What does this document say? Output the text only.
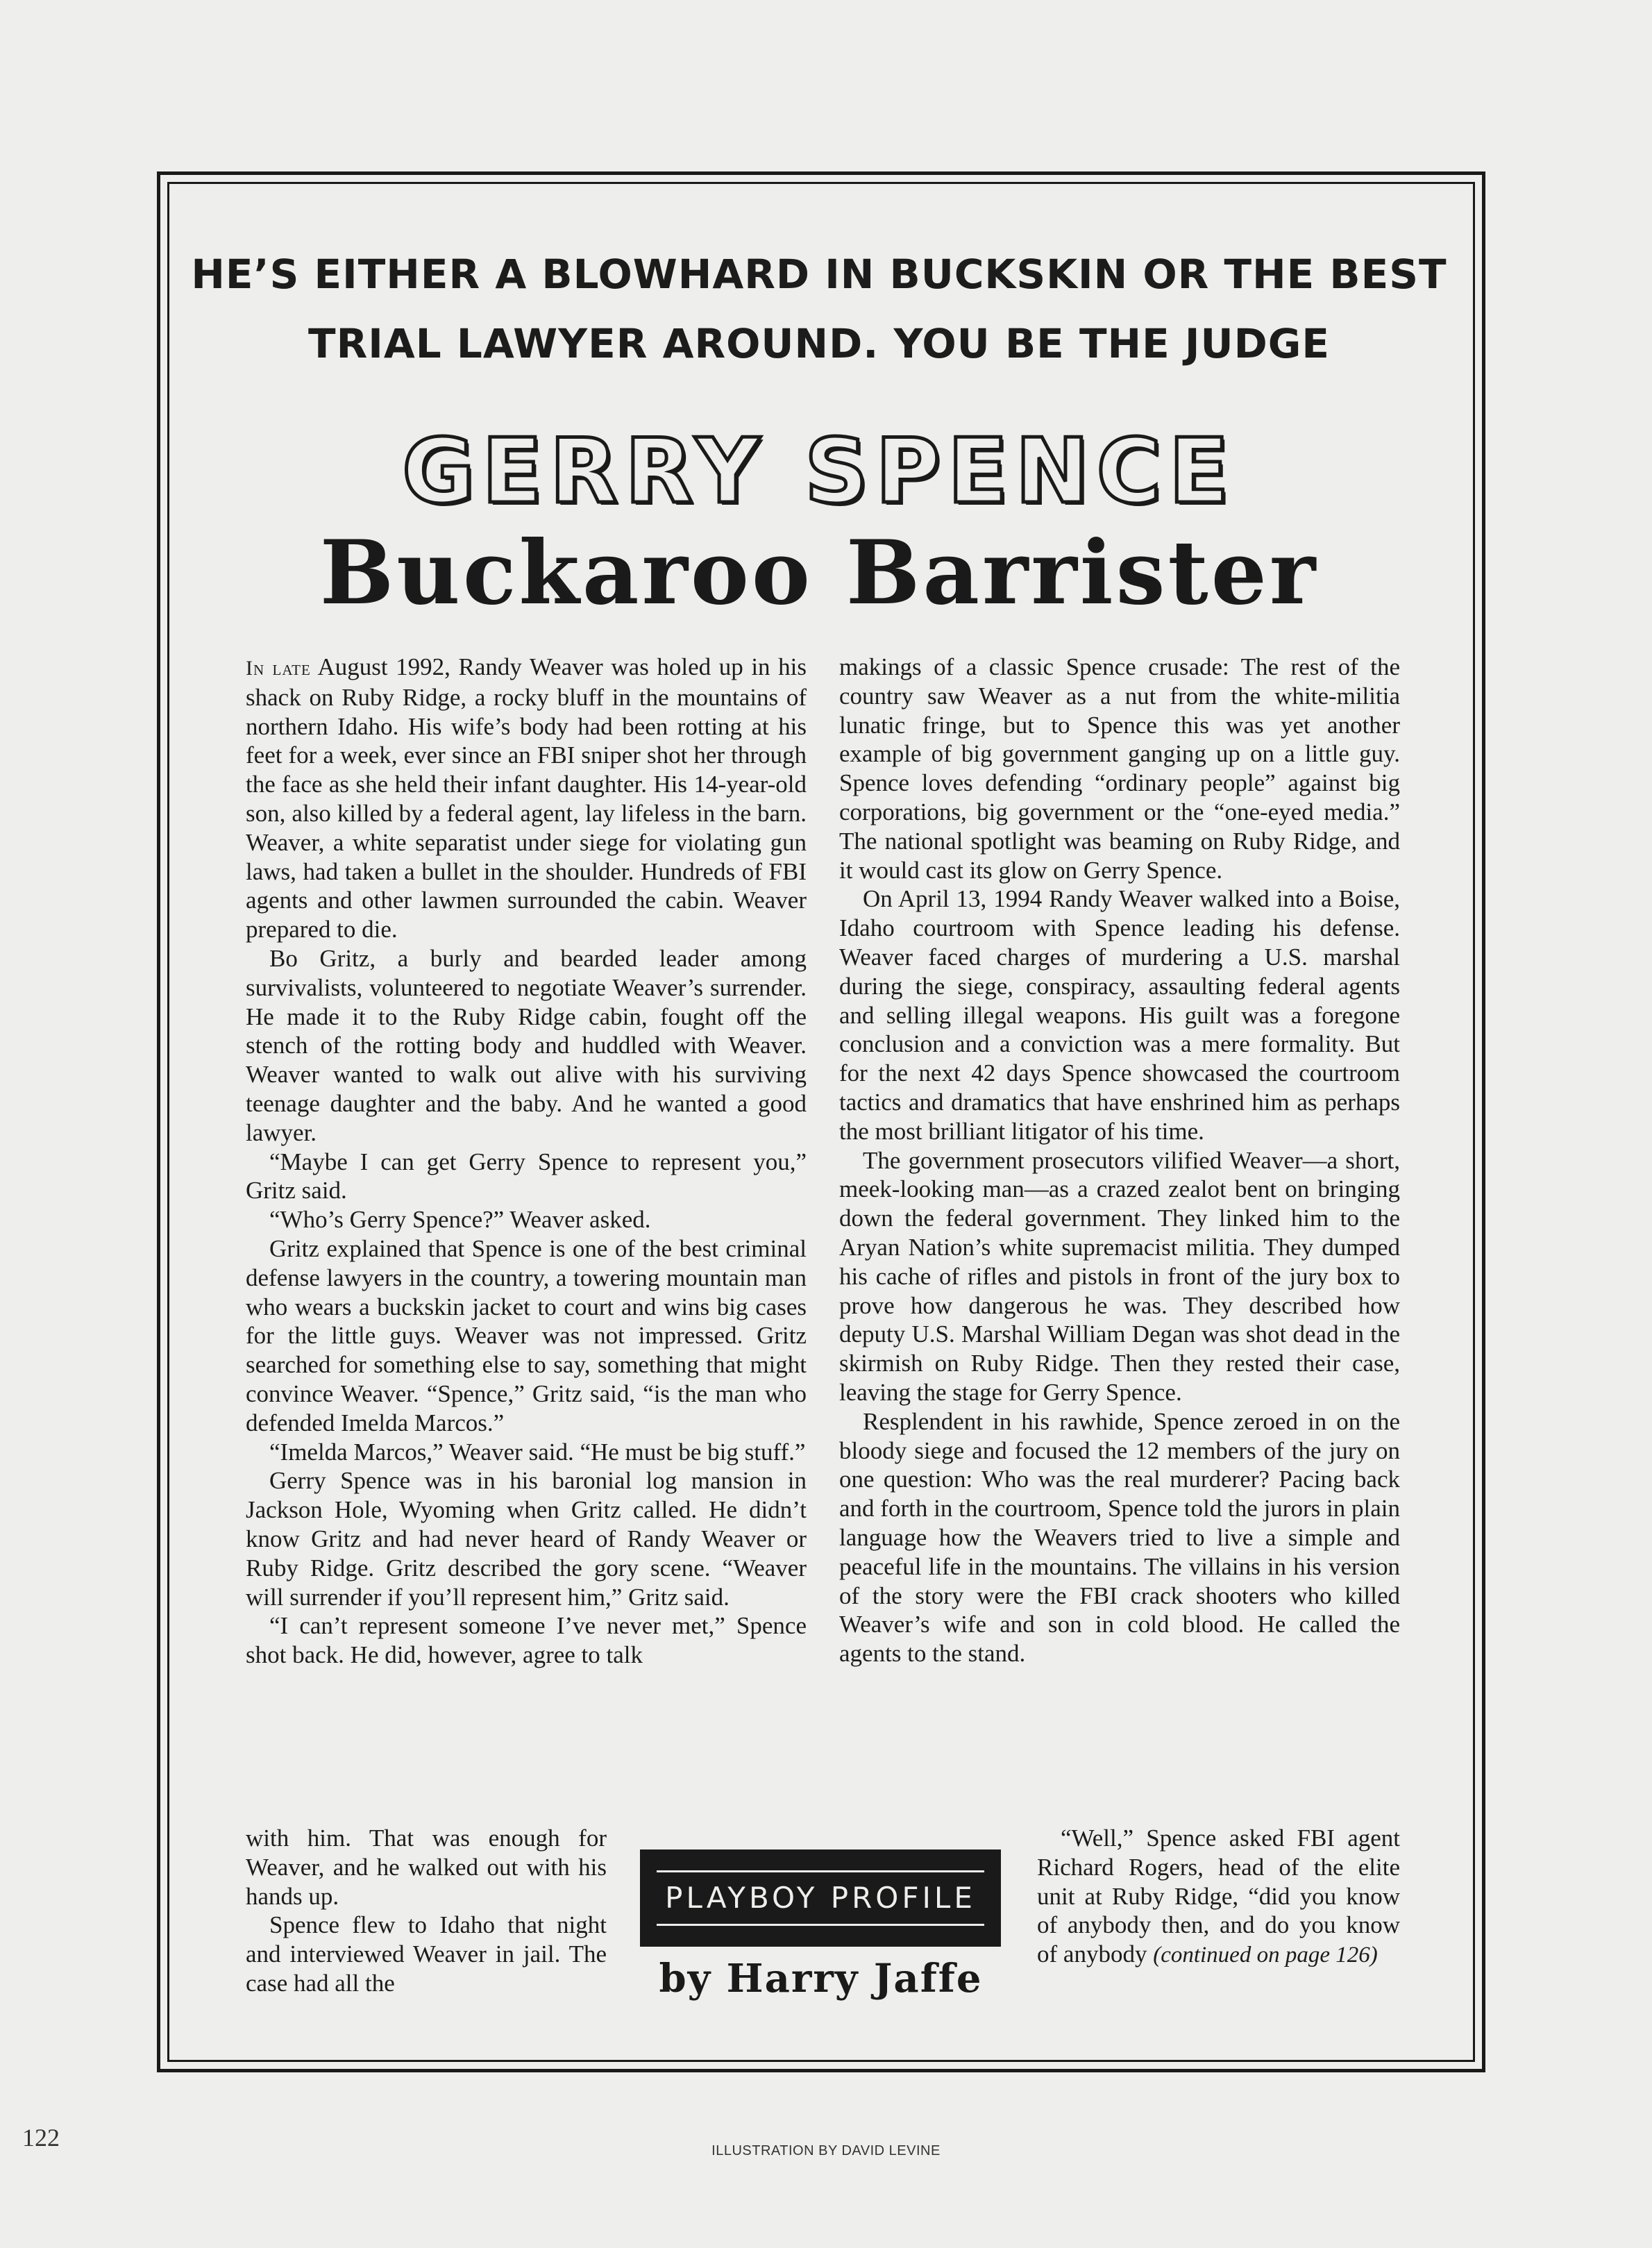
HE’S EITHER A BLOWHARD IN BUCKSKIN OR THE BEST
TRIAL LAWYER AROUND. YOU BE THE JUDGE
GERRY SPENCE
Buckaroo Barrister

In late August 1992, Randy Weaver was holed up in his shack on Ruby Ridge, a rocky bluff in the mountains of northern Idaho. His wife’s body had been rotting at his feet for a week, ever since an FBI sniper shot her through the face as she held their infant daughter. His 14-year-old son, also killed by a federal agent, lay lifeless in the barn. Weaver, a white separatist under siege for violating gun laws, had taken a bullet in the shoulder. Hundreds of FBI agents and other lawmen surrounded the cabin. Weaver prepared to die.

Bo Gritz, a burly and bearded leader among survivalists, volunteered to negotiate Weaver’s surrender. He made it to the Ruby Ridge cabin, fought off the stench of the rotting body and huddled with Weaver. Weaver wanted to walk out alive with his surviving teenage daughter and the baby. And he wanted a good lawyer.

“Maybe I can get Gerry Spence to represent you,” Gritz said.

“Who’s Gerry Spence?” Weaver asked.

Gritz explained that Spence is one of the best criminal defense lawyers in the country, a towering mountain man who wears a buckskin jacket to court and wins big cases for the little guys. Weaver was not impressed. Gritz searched for something else to say, something that might convince Weaver. “Spence,” Gritz said, “is the man who defended Imelda Marcos.”

“Imelda Marcos,” Weaver said. “He must be big stuff.”

Gerry Spence was in his baronial log mansion in Jackson Hole, Wyoming when Gritz called. He didn’t know Gritz and had never heard of Randy Weaver or Ruby Ridge. Gritz described the gory scene. “Weaver will surrender if you’ll represent him,” Gritz said.

“I can’t represent someone I’ve never met,” Spence shot back. He did, however, agree to talk

with him. That was enough for Weaver, and he walked out with his hands up.

Spence flew to Idaho that night and interviewed Weaver in jail. The case had all the

makings of a classic Spence crusade: The rest of the country saw Weaver as a nut from the white-militia lunatic fringe, but to Spence this was yet another example of big government ganging up on a little guy. Spence loves defending “ordinary people” against big corporations, big government or the “one-eyed media.” The national spotlight was beaming on Ruby Ridge, and it would cast its glow on Gerry Spence.

On April 13, 1994 Randy Weaver walked into a Boise, Idaho courtroom with Spence leading his defense. Weaver faced charges of murdering a U.S. marshal during the siege, conspiracy, assaulting federal agents and selling illegal weapons. His guilt was a foregone conclusion and a conviction was a mere formality. But for the next 42 days Spence showcased the courtroom tactics and dramatics that have enshrined him as perhaps the most brilliant litigator of his time.

The government prosecutors vilified Weaver—a short, meek-looking man—as a crazed zealot bent on bringing down the federal government. They linked him to the Aryan Nation’s white supremacist militia. They dumped his cache of rifles and pistols in front of the jury box to prove how dangerous he was. They described how deputy U.S. Marshal William Degan was shot dead in the skirmish on Ruby Ridge. Then they rested their case, leaving the stage for Gerry Spence.

Resplendent in his rawhide, Spence zeroed in on the bloody siege and focused the 12 members of the jury on one question: Who was the real murderer? Pacing back and forth in the courtroom, Spence told the jurors in plain language how the Weavers tried to live a simple and peaceful life in the mountains. The villains in his version of the story were the FBI crack shooters who killed Weaver’s wife and son in cold blood. He called the agents to the stand.

“Well,” Spence asked FBI agent Richard Rogers, head of the elite unit at Ruby Ridge, “did you know of anybody then, and do you know of anybody (continued on page 126)

PLAYBOY PROFILE
by Harry Jaffe
122	ILLUSTRATION BY DAVID LEVINE
